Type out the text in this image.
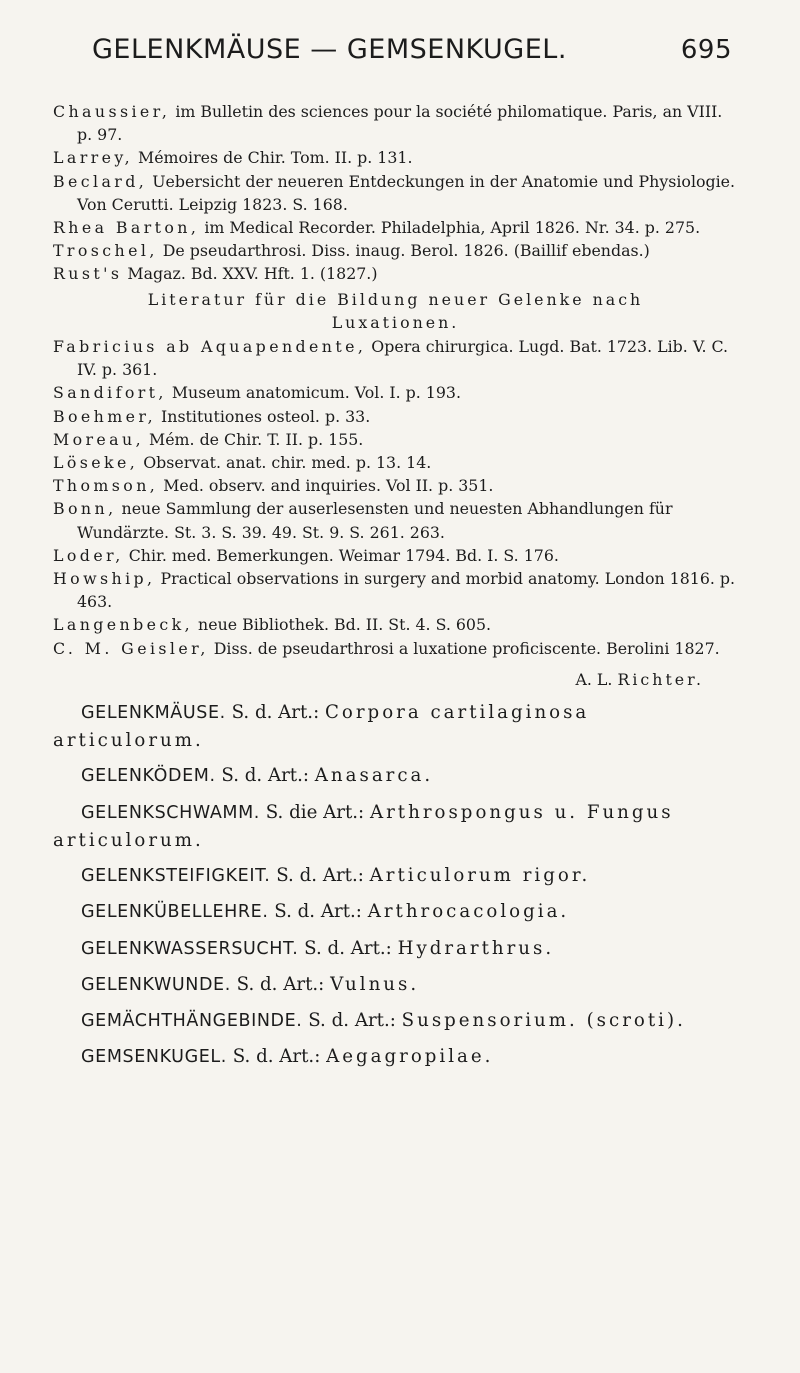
GELENKMÄUSE — GEMSENKUGEL.	695

Chaussier, im Bulletin des sciences pour la société philomatique. Paris, an VIII. p. 97.

Larrey, Mémoires de Chir. Tom. II. p. 131.

Beclard, Uebersicht der neueren Entdeckungen in der Anatomie und Physiologie. Von Cerutti. Leipzig 1823. S. 168.

Rhea Barton, im Medical Recorder. Philadelphia, April 1826. Nr. 34. p. 275.

Troschel, De pseudarthrosi. Diss. inaug. Berol. 1826. (Baillif ebendas.)

Rust's Magaz. Bd. XXV. Hft. 1. (1827.)

Literatur für die Bildung neuer Gelenke nach
Luxationen.

Fabricius ab Aquapendente, Opera chirurgica. Lugd. Bat. 1723. Lib. V. C. IV. p. 361.

Sandifort, Museum anatomicum. Vol. I. p. 193.

Boehmer, Institutiones osteol. p. 33.

Moreau, Mém. de Chir. T. II. p. 155.

Löseke, Observat. anat. chir. med. p. 13. 14.

Thomson, Med. observ. and inquiries. Vol II. p. 351.

Bonn, neue Sammlung der auserlesensten und neuesten Abhandlungen für Wundärzte. St. 3. S. 39. 49. St. 9. S. 261. 263.

Loder, Chir. med. Bemerkungen. Weimar 1794. Bd. I. S. 176.

Howship, Practical observations in surgery and morbid anatomy. London 1816. p. 463.

Langenbeck, neue Bibliothek. Bd. II. St. 4. S. 605.

C. M. Geisler, Diss. de pseudarthrosi a luxatione proficiscente. Berolini 1827.

A. L. Richter.

GELENKMÄUSE. S. d. Art.: Corpora cartilaginosa articulorum.

GELENKÖDEM. S. d. Art.: Anasarca.

GELENKSCHWAMM. S. die Art.: Arthrospongus u. Fungus articulorum.

GELENKSTEIFIGKEIT. S. d. Art.: Articulorum rigor.

GELENKÜBELLEHRE. S. d. Art.: Arthrocacologia.

GELENKWASSERSUCHT. S. d. Art.: Hydrarthrus.

GELENKWUNDE. S. d. Art.: Vulnus.

GEMÄCHTHÄNGEBINDE. S. d. Art.: Suspensorium. (scroti).

GEMSENKUGEL. S. d. Art.: Aegagropilae.
